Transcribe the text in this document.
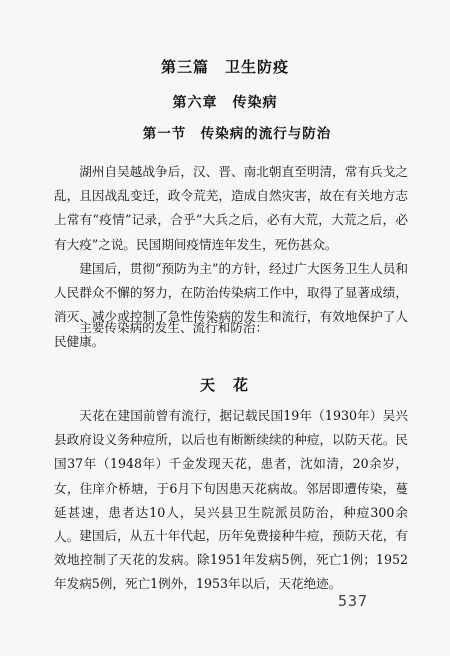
第三篇　卫生防疫
第六章　传染病
第一节　传染病的流行与防治

湖州自吴越战争后，汉、晋、南北朝直至明清，常有兵戈之乱，且因战乱变迁，政令荒芜，造成自然灾害，故在有关地方志上常有“疫情”记录，合乎“大兵之后，必有大荒，大荒之后，必有大疫”之说。民国期间疫情连年发生，死伤甚众。

建国后，贯彻“预防为主”的方针，经过广大医务卫生人员和人民群众不懈的努力，在防治传染病工作中，取得了显著成绩，消灭、减少或控制了急性传染病的发生和流行，有效地保护了人民健康。

主要传染病的发生、流行和防治：

天花

天花在建国前曾有流行，据记载民国19年（1930年）吴兴县政府设义务种痘所，以后也有断断续续的种痘，以防天花。民国37年（1948年）千金发现天花，患者，沈如清，20余岁，女，住庠介桥塘，于6月下旬因患天花病故。邻居即遭传染，蔓延甚速，患者达10人，吴兴县卫生院派员防治，种痘300余人。 建国后，从五十年代起，历年免费接种牛痘，预防天花，有效地控制了天花的发病。除1951年发病5例，死亡1例；1952年发病5例，死亡1例外，1953年以后，天花绝迹。

537
